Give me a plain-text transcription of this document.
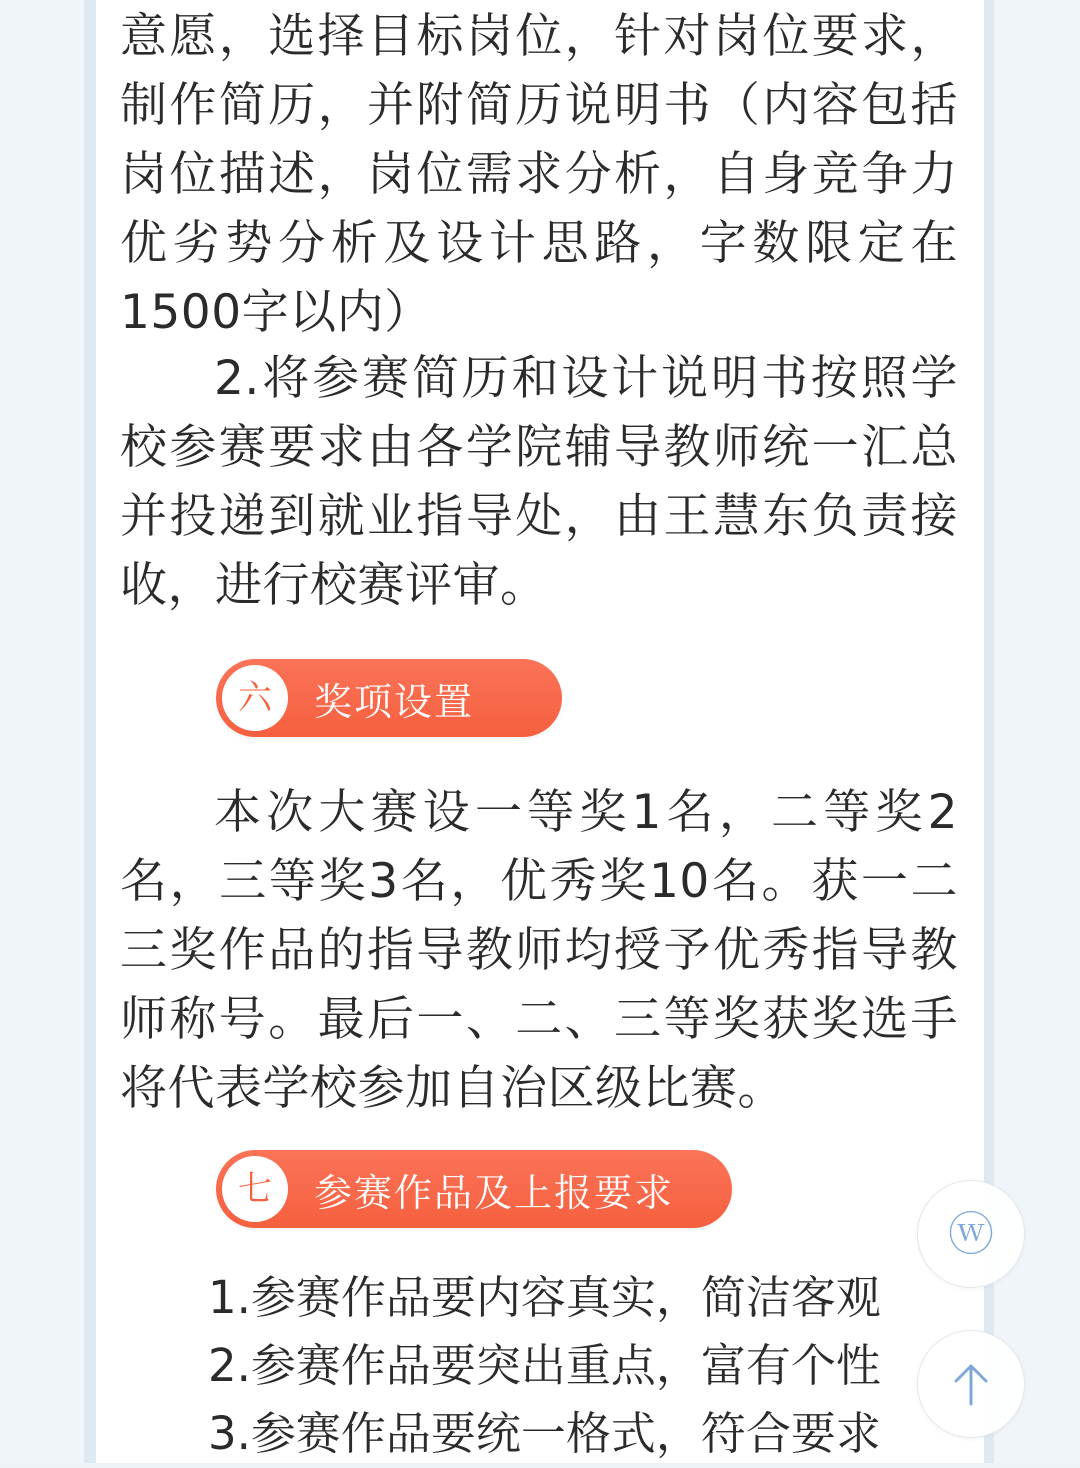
意愿，选择目标岗位，针对岗位要求，制作简历，并附简历说明书（内容包括岗位描述，岗位需求分析，自身竞争力优劣势分析及设计思路，字数限定在1500字以内）

2.将参赛简历和设计说明书按照学校参赛要求由各学院辅导教师统一汇总并投递到就业指导处，由王慧东负责接收，进行校赛评审。

六	奖项设置

本次大赛设一等奖1名，二等奖2名，三等奖3名，优秀奖10名。获一二三奖作品的指导教师均授予优秀指导教师称号。最后一、二、三等奖获奖选手将代表学校参加自治区级比赛。

七	参赛作品及上报要求
1.参赛作品要内容真实，简洁客观
2.参赛作品要突出重点，富有个性
3.参赛作品要统一格式，符合要求
ⓦ
